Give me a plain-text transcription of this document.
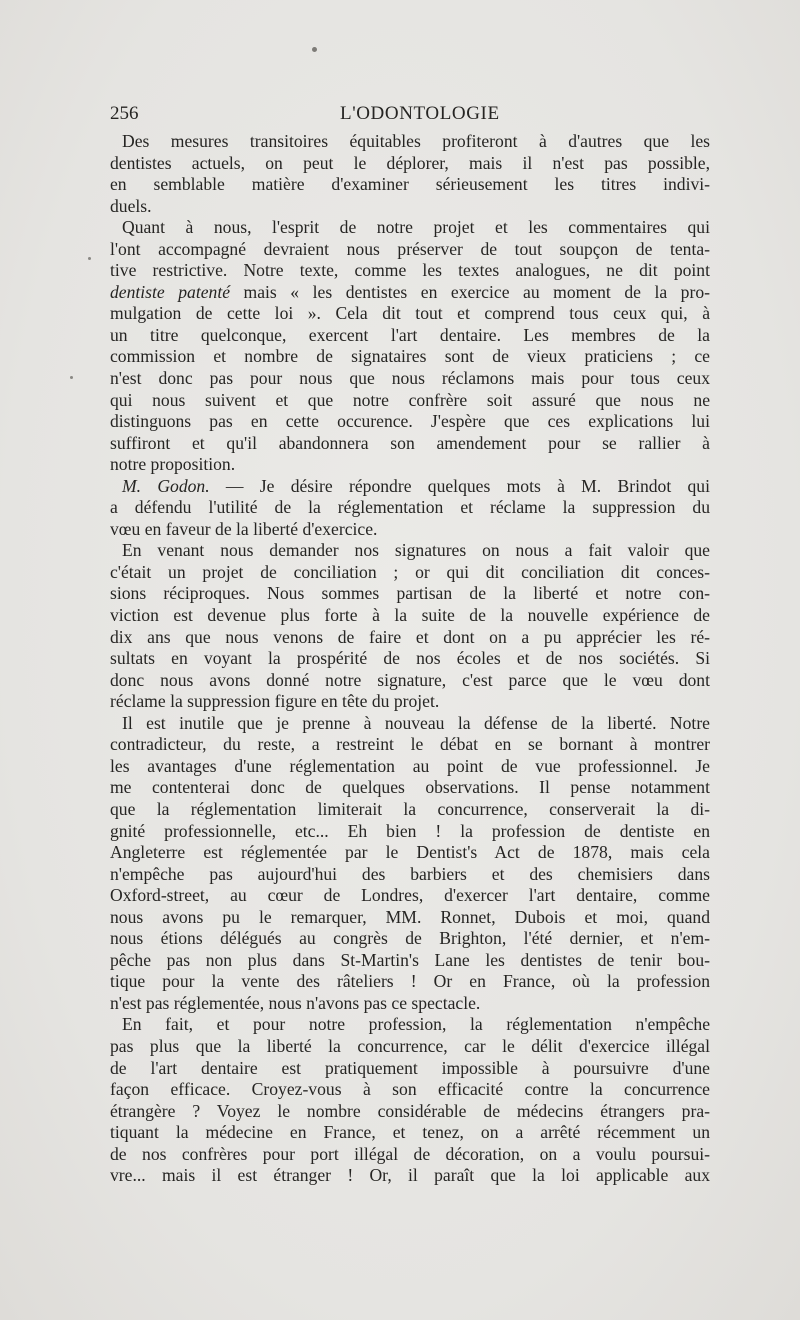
256	L'ODONTOLOGIE
Des mesures transitoires équitables profiteront à d'autres que les
dentistes actuels, on peut le déplorer, mais il n'est pas possible,
en semblable matière d'examiner sérieusement les titres indivi-
duels.
Quant à nous, l'esprit de notre projet et les commentaires qui
l'ont accompagné devraient nous préserver de tout soupçon de tenta-
tive restrictive. Notre texte, comme les textes analogues, ne dit point
dentiste patenté mais « les dentistes en exercice au moment de la pro-
mulgation de cette loi ». Cela dit tout et comprend tous ceux qui, à
un titre quelconque, exercent l'art dentaire. Les membres de la
commission et nombre de signataires sont de vieux praticiens ; ce
n'est donc pas pour nous que nous réclamons mais pour tous ceux
qui nous suivent et que notre confrère soit assuré que nous ne
distinguons pas en cette occurence. J'espère que ces explications lui
suffiront et qu'il abandonnera son amendement pour se rallier à
notre proposition.
M. Godon. — Je désire répondre quelques mots à M. Brindot qui
a défendu l'utilité de la réglementation et réclame la suppression du
vœu en faveur de la liberté d'exercice.
En venant nous demander nos signatures on nous a fait valoir que
c'était un projet de conciliation ; or qui dit conciliation dit conces-
sions réciproques. Nous sommes partisan de la liberté et notre con-
viction est devenue plus forte à la suite de la nouvelle expérience de
dix ans que nous venons de faire et dont on a pu apprécier les ré-
sultats en voyant la prospérité de nos écoles et de nos sociétés. Si
donc nous avons donné notre signature, c'est parce que le vœu dont
réclame la suppression figure en tête du projet.
Il est inutile que je prenne à nouveau la défense de la liberté. Notre
contradicteur, du reste, a restreint le débat en se bornant à montrer
les avantages d'une réglementation au point de vue professionnel. Je
me contenterai donc de quelques observations. Il pense notamment
que la réglementation limiterait la concurrence, conserverait la di-
gnité professionnelle, etc... Eh bien ! la profession de dentiste en
Angleterre est réglementée par le Dentist's Act de 1878, mais cela
n'empêche pas aujourd'hui des barbiers et des chemisiers dans
Oxford-street, au cœur de Londres, d'exercer l'art dentaire, comme
nous avons pu le remarquer, MM. Ronnet, Dubois et moi, quand
nous étions délégués au congrès de Brighton, l'été dernier, et n'em-
pêche pas non plus dans St-Martin's Lane les dentistes de tenir bou-
tique pour la vente des râteliers ! Or en France, où la profession
n'est pas réglementée, nous n'avons pas ce spectacle.
En fait, et pour notre profession, la réglementation n'empêche
pas plus que la liberté la concurrence, car le délit d'exercice illégal
de l'art dentaire est pratiquement impossible à poursuivre d'une
façon efficace. Croyez-vous à son efficacité contre la concurrence
étrangère ? Voyez le nombre considérable de médecins étrangers pra-
tiquant la médecine en France, et tenez, on a arrêté récemment un
de nos confrères pour port illégal de décoration, on a voulu poursui-
vre... mais il est étranger ! Or, il paraît que la loi applicable aux
